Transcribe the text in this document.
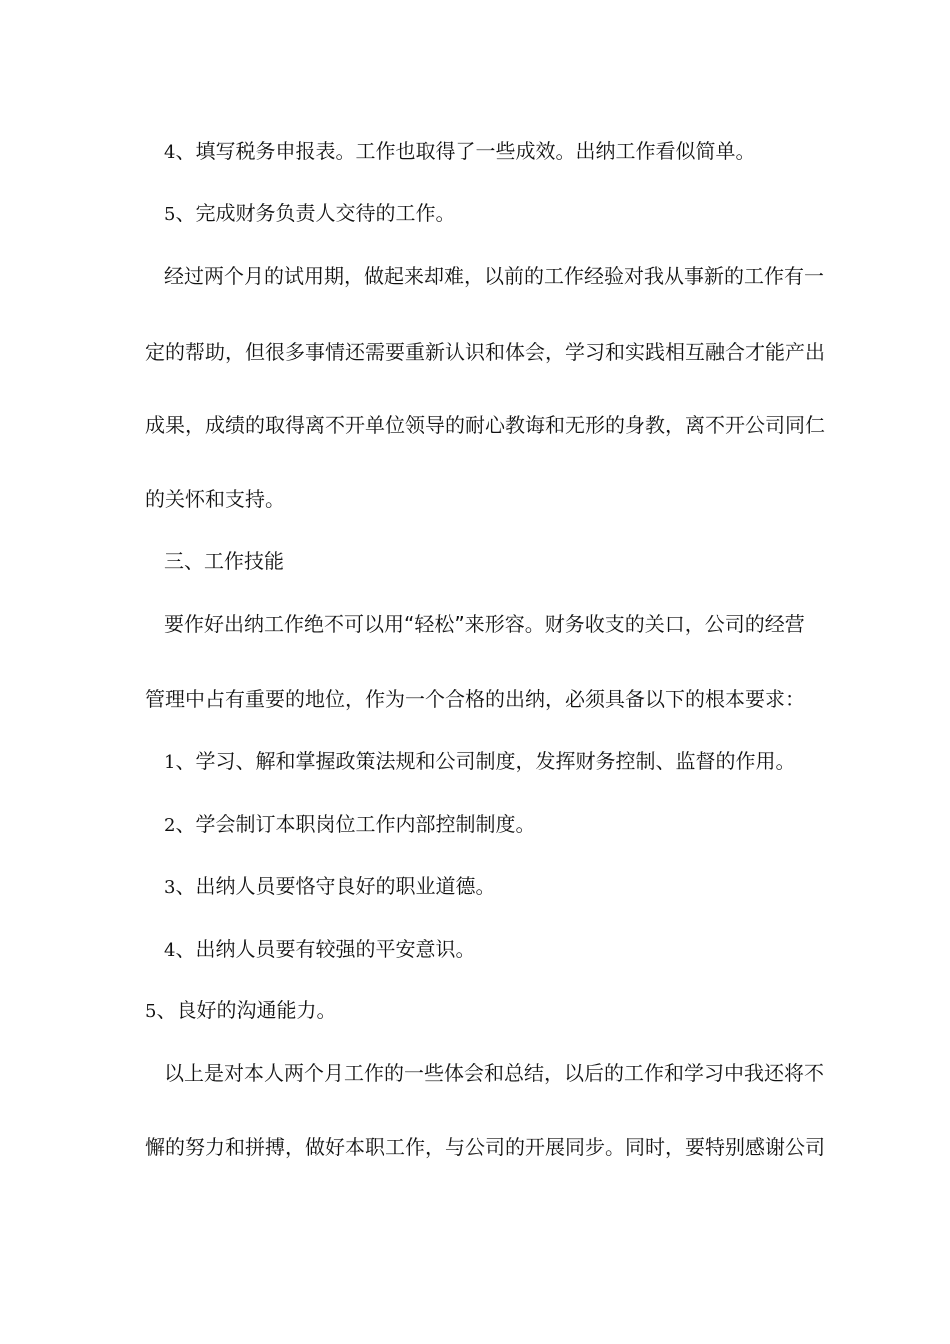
4、填写税务申报表。工作也取得了一些成效。出纳工作看似简单。
5、完成财务负责人交待的工作。
经过两个月的试用期，做起来却难，以前的工作经验对我从事新的工作有一
定的帮助，但很多事情还需要重新认识和体会，学习和实践相互融合才能产出
成果，成绩的取得离不开单位领导的耐心教诲和无形的身教，离不开公司同仁
的关怀和支持。
三、工作技能
要作好出纳工作绝不可以用“轻松”来形容。财务收支的关口，公司的经营
管理中占有重要的地位，作为一个合格的出纳，必须具备以下的根本要求：
1、学习、解和掌握政策法规和公司制度，发挥财务控制、监督的作用。
2、学会制订本职岗位工作内部控制制度。
3、出纳人员要恪守良好的职业道德。
4、出纳人员要有较强的平安意识。
5、良好的沟通能力。
以上是对本人两个月工作的一些体会和总结，以后的工作和学习中我还将不
懈的努力和拼搏，做好本职工作，与公司的开展同步。同时，要特别感谢公司
